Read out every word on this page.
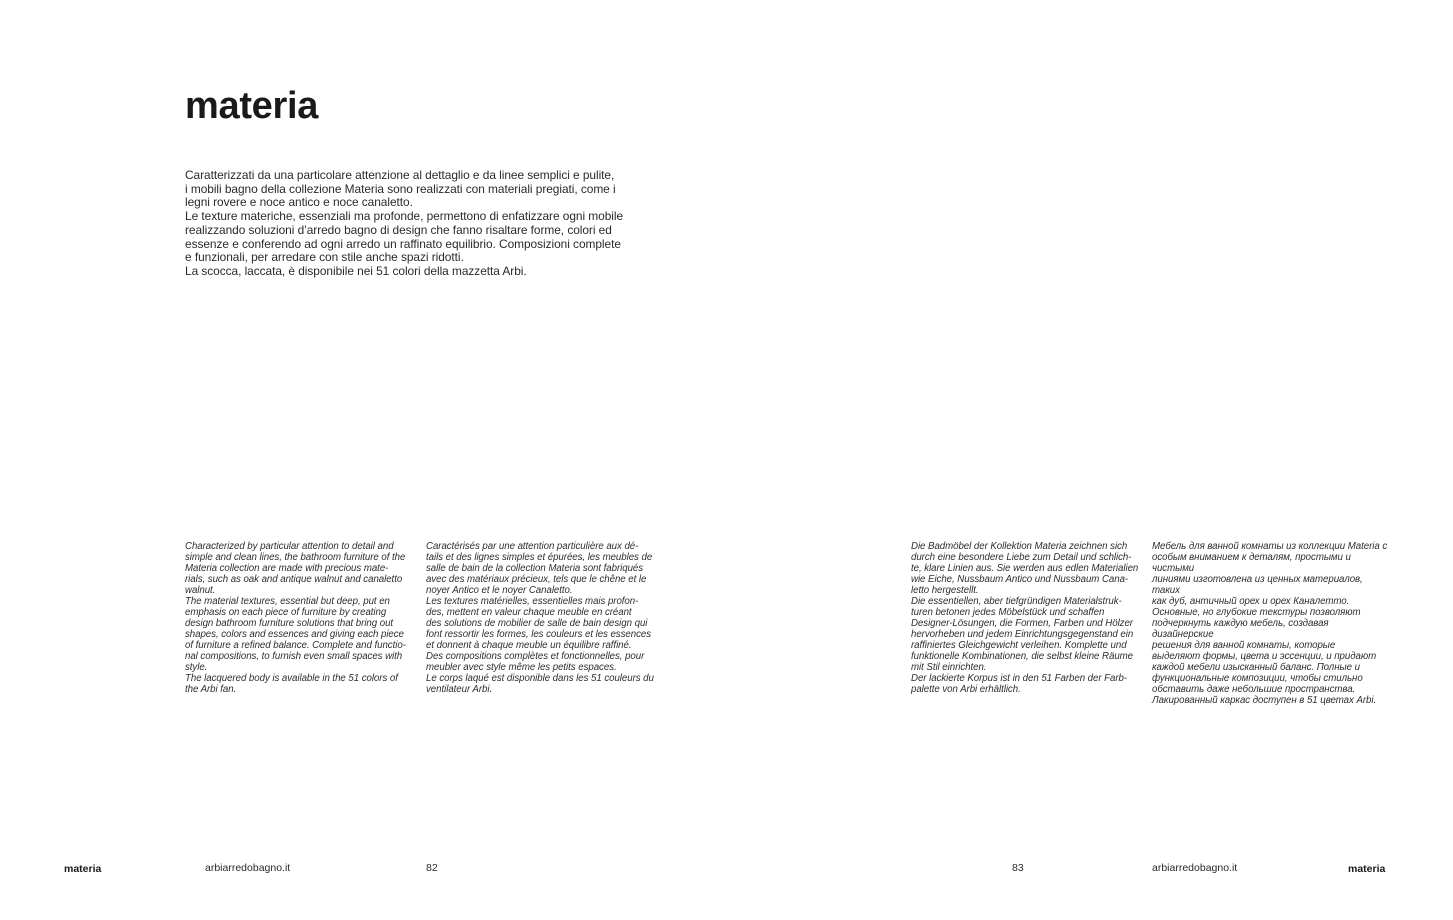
materia
Caratterizzati da una particolare attenzione al dettaglio e da linee semplici e pulite,
i mobili bagno della collezione Materia sono realizzati con materiali pregiati, come i
legni rovere e noce antico e noce canaletto.
Le texture materiche, essenziali ma profonde, permettono di enfatizzare ogni mobile
realizzando soluzioni d’arredo bagno di design che fanno risaltare forme, colori ed
essenze e conferendo ad ogni arredo un raffinato equilibrio. Composizioni complete
e funzionali, per arredare con stile anche spazi ridotti.
La scocca, laccata, è disponibile nei 51 colori della mazzetta Arbi.
Characterized by particular attention to detail and
simple and clean lines, the bathroom furniture of the
Materia collection are made with precious mate-
rials, such as oak and antique walnut and canaletto
walnut.
The material textures, essential but deep, put en
emphasis on each piece of furniture by creating
design bathroom furniture solutions that bring out
shapes, colors and essences and giving each piece
of furniture a refined balance. Complete and functio-
nal compositions, to furnish even small spaces with
style.
The lacquered body is available in the 51 colors of
the Arbi fan.
Caractérisés par une attention particulière aux dé-
tails et des lignes simples et épurées, les meubles de
salle de bain de la collection Materia sont fabriqués
avec des matériaux précieux, tels que le chêne et le
noyer Antico et le noyer Canaletto.
Les textures matérielles, essentielles mais profon-
des, mettent en valeur chaque meuble en créant
des solutions de mobilier de salle de bain design qui
font ressortir les formes, les couleurs et les essences
et donnent à chaque meuble un équilibre raffiné.
Des compositions complètes et fonctionnelles, pour
meubler avec style même les petits espaces.
Le corps laqué est disponible dans les 51 couleurs du
ventilateur Arbi.
materia	arbiarredobagno.it	82
Die Badmöbel der Kollektion Materia zeichnen sich
durch eine besondere Liebe zum Detail und schlich-
te, klare Linien aus. Sie werden aus edlen Materialien
wie Eiche, Nussbaum Antico und Nussbaum Cana-
letto hergestellt.
Die essentiellen, aber tiefgründigen Materialstruk-
turen betonen jedes Möbelstück und schaffen
Designer-Lösungen, die Formen, Farben und Hölzer
hervorheben und jedem Einrichtungsgegenstand ein
raffiniertes Gleichgewicht verleihen. Komplette und
funktionelle Kombinationen, die selbst kleine Räume
mit Stil einrichten.
Der lackierte Korpus ist in den 51 Farben der Farb-
palette von Arbi erhältlich.
Мебель для ванной комнаты из коллекции Materia с
особым вниманием к деталям, простыми и чистыми
линиями изготовлена из ценных материалов, таких
как дуб, античный орех и орех Каналетто.
Основные, но глубокие текстуры позволяют
подчеркнуть каждую мебель, создавая дизайнерские
решения для ванной комнаты, которые
выделяют формы, цвета и эссенции, и придают
каждой мебели изысканный баланс. Полные и
функциональные композиции, чтобы стильно
обставить даже небольшие пространства.
Лакированный каркас доступен в 51 цветах Arbi.
83	arbiarredobagno.it	materia
